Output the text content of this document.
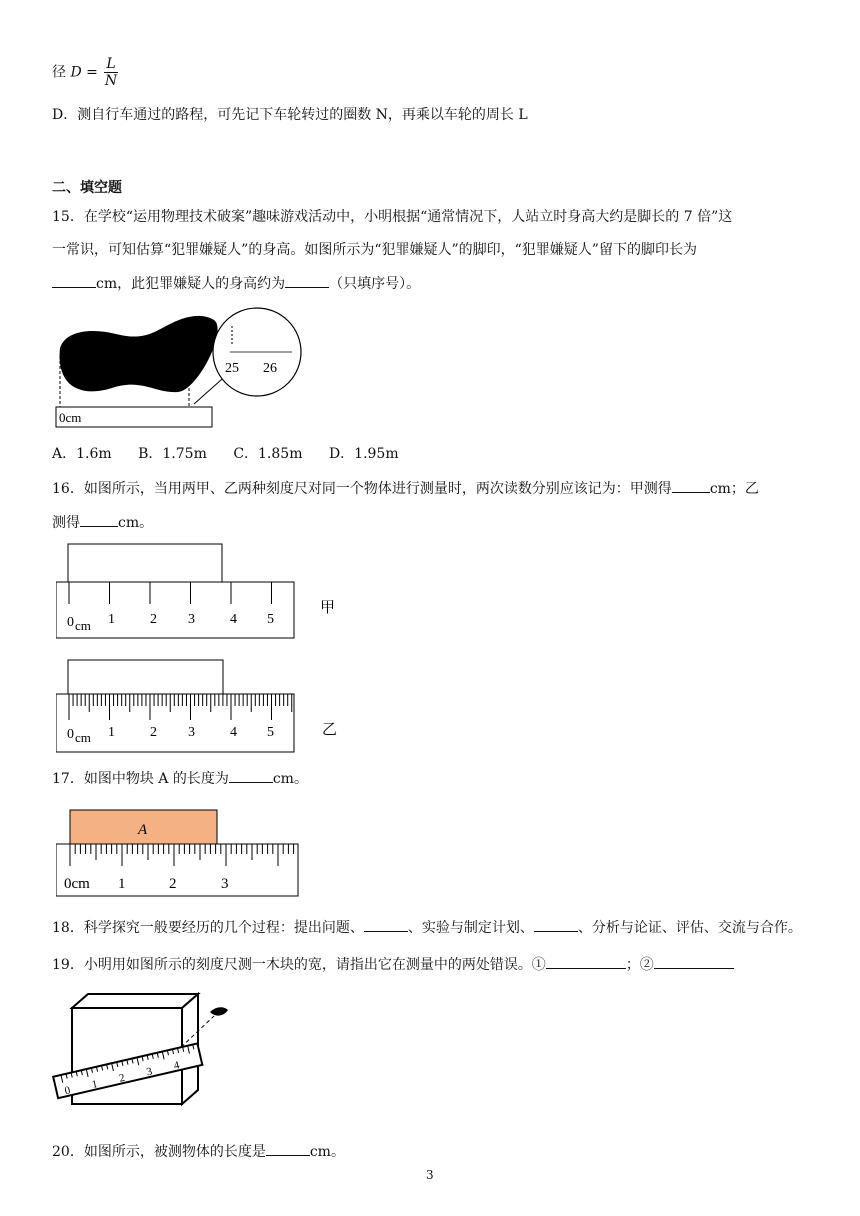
径 $D = \frac{L}{N}$
D．测自行车通过的路程，可先记下车轮转过的圈数 N，再乘以车轮的周长 L
二、填空题
15．在学校“运用物理技术破案”趣味游戏活动中，小明根据“通常情况下，人站立时身高大约是脚长的 7 倍”这
一常识，可知估算“犯罪嫌疑人”的身高。如图所示为“犯罪嫌疑人”的脚印，“犯罪嫌疑人”留下的脚印长为
cm，此犯罪嫌疑人的身高约为	（只填序号）。
0cm
25 26
A．1.6m B．1.75m C．1.85m D．1.95m
16．如图所示，当用两甲、乙两种刻度尺对同一个物体进行测量时，两次读数分别应该记为：甲测得	cm；乙
测得	cm。
0 cm 1	2 3	4 5
甲
0 cm 1	2 3	4 5	乙
17．如图中物块 A 的长度为	cm。
A
0cm 1	2	3
18．科学探究一般要经历的几个过程：提出问题、	、实验与制定计划、	、分析与论证、评估、交流与合作。
19．小明用如图所示的刻度尺测一木块的宽，请指出它在测量中的两处错误。①	；②
0 1 2 3 4
20．如图所示，被测物体的长度是	cm。
3
